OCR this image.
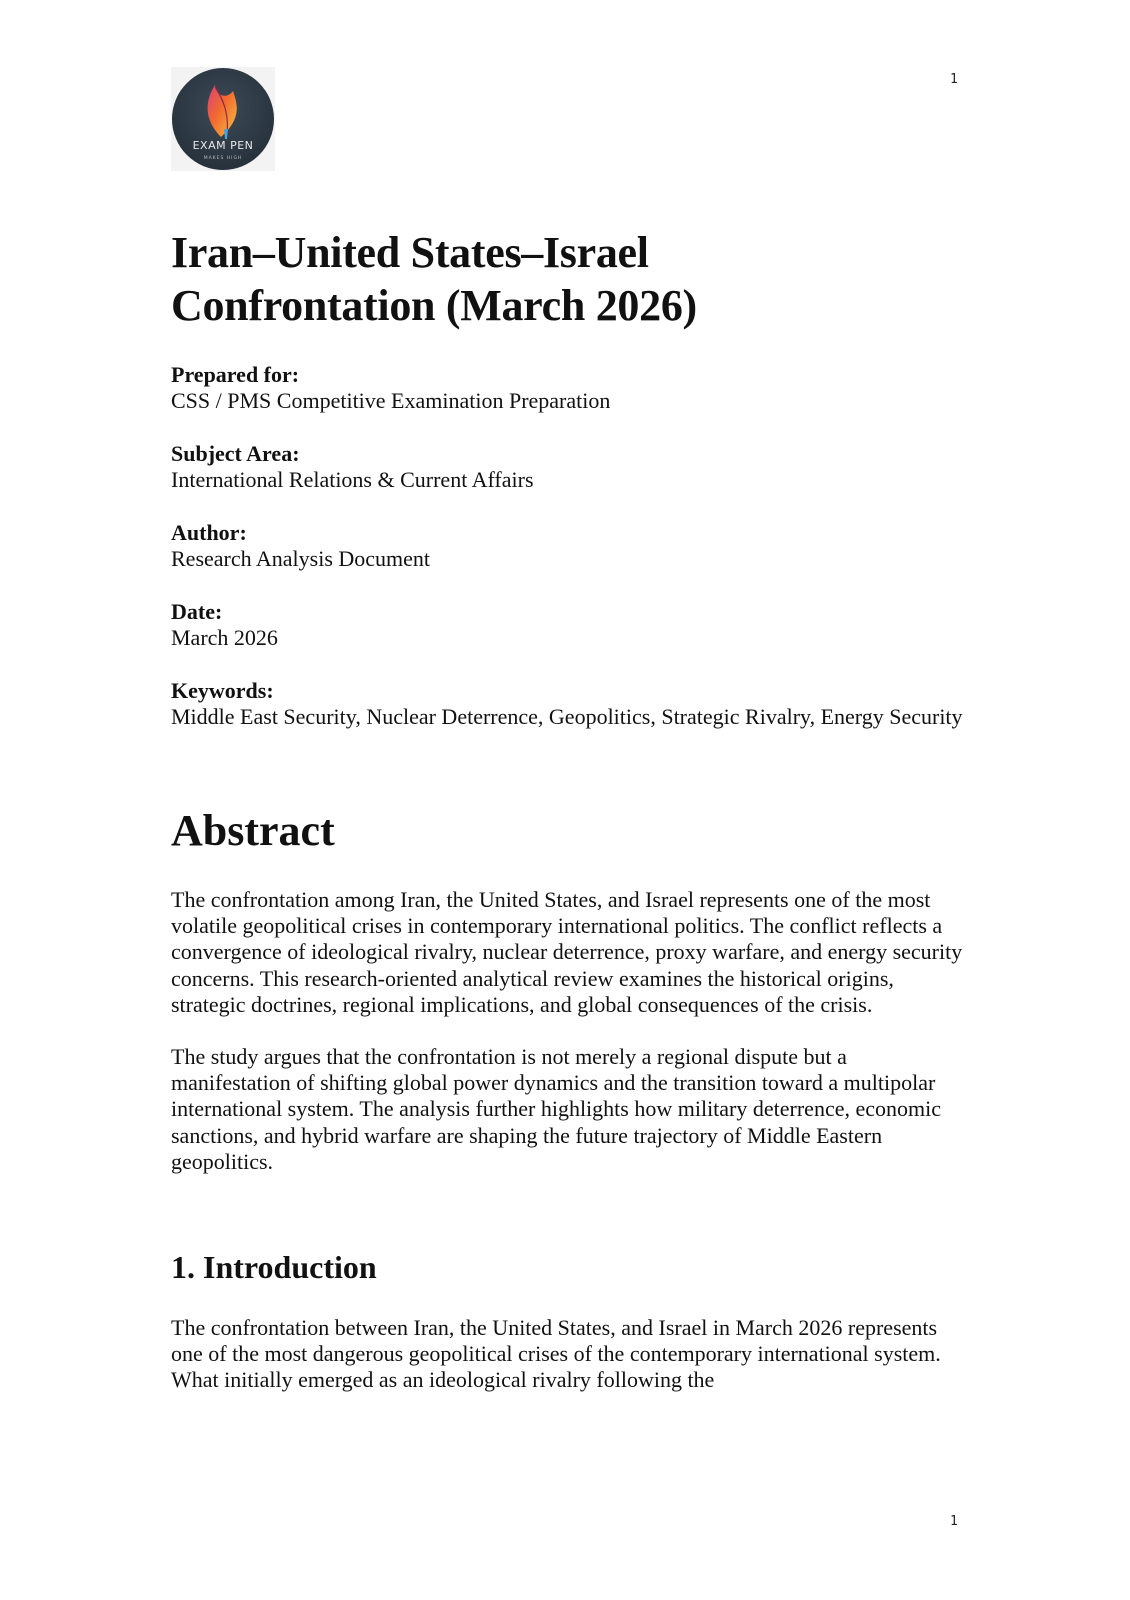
1
EXAM PEN
MAKES HIGH
Iran–United States–Israel
Confrontation (March 2026)
Prepared for:
CSS / PMS Competitive Examination Preparation
Subject Area:
International Relations & Current Affairs
Author:
Research Analysis Document
Date:
March 2026
Keywords:
Middle East Security, Nuclear Deterrence, Geopolitics, Strategic Rivalry, Energy Security
Abstract

The confrontation among Iran, the United States, and Israel represents one of the most volatile geopolitical crises in contemporary international politics. The conflict reflects a convergence of ideological rivalry, nuclear deterrence, proxy warfare, and energy security concerns. This research-oriented analytical review examines the historical origins, strategic doctrines, regional implications, and global consequences of the crisis.

The study argues that the confrontation is not merely a regional dispute but a manifestation of shifting global power dynamics and the transition toward a multipolar international system. The analysis further highlights how military deterrence, economic sanctions, and hybrid warfare are shaping the future trajectory of Middle Eastern geopolitics.

1. Introduction

The confrontation between Iran, the United States, and Israel in March 2026 represents one of the most dangerous geopolitical crises of the contemporary international system. What initially emerged as an ideological rivalry following the

1
